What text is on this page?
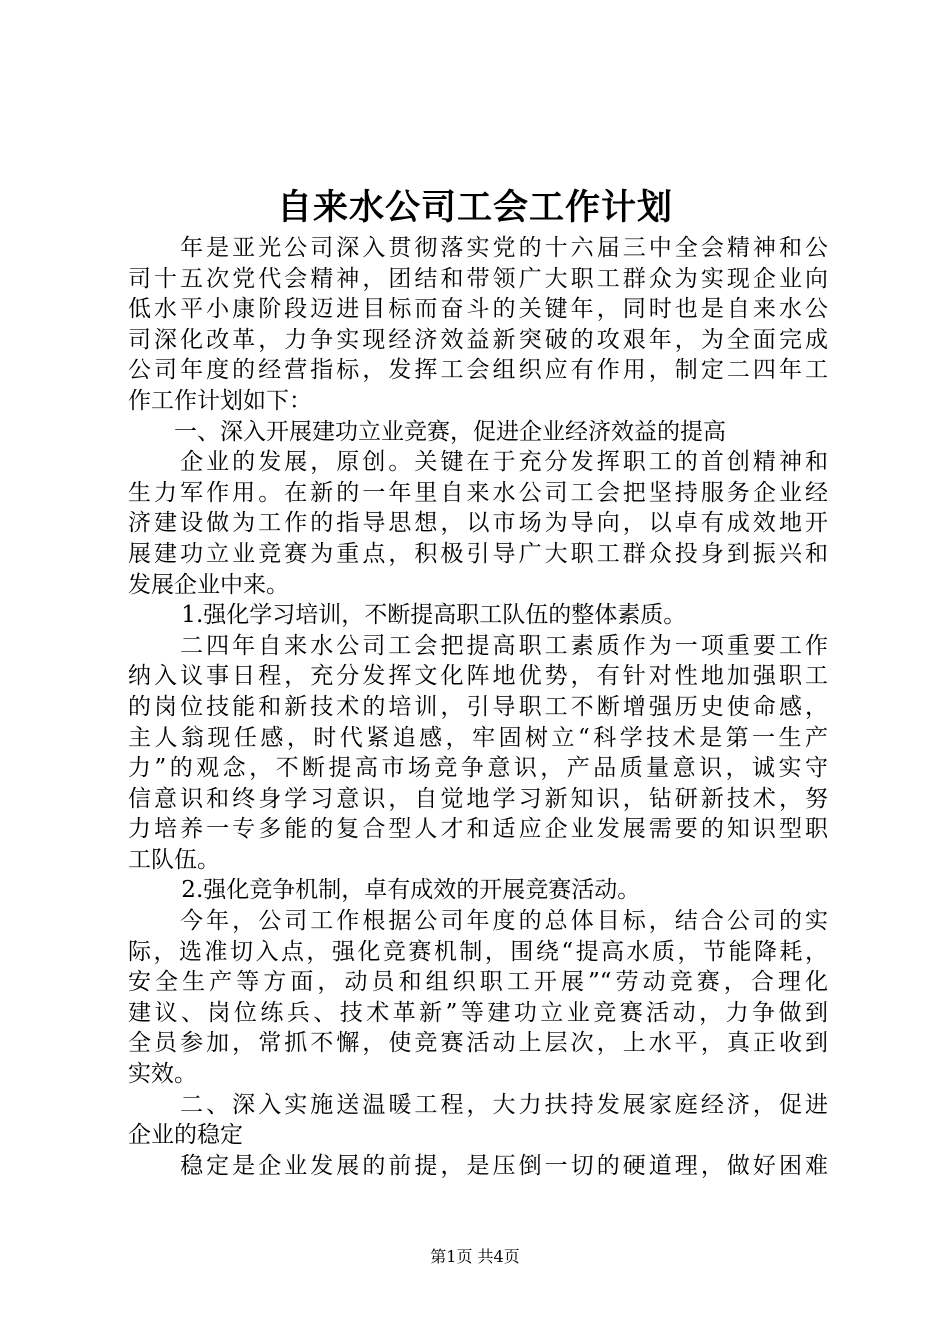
自来水公司工会工作计划
　　年是亚光公司深入贯彻落实党的十六届三中全会精神和公
司十五次党代会精神，团结和带领广大职工群众为实现企业向
低水平小康阶段迈进目标而奋斗的关键年，同时也是自来水公
司深化改革，力争实现经济效益新突破的攻艰年，为全面完成
公司年度的经营指标，发挥工会组织应有作用，制定二四年工
作工作计划如下：
　　一、深入开展建功立业竞赛，促进企业经济效益的提高
　　企业的发展，原创。关键在于充分发挥职工的首创精神和
生力军作用。在新的一年里自来水公司工会把坚持服务企业经
济建设做为工作的指导思想，以市场为导向，以卓有成效地开
展建功立业竞赛为重点，积极引导广大职工群众投身到振兴和
发展企业中来。
　　 1.强化学习培训，不断提高职工队伍的整体素质。
　　二四年自来水公司工会把提高职工素质作为一项重要工作
纳入议事日程，充分发挥文化阵地优势，有针对性地加强职工
的岗位技能和新技术的培训，引导职工不断增强历史使命感，
主人翁现任感，时代紧追感，牢固树立“科学技术是第一生产
力”的观念，不断提高市场竞争意识，产品质量意识，诚实守
信意识和终身学习意识，自觉地学习新知识，钻研新技术，努
力培养一专多能的复合型人才和适应企业发展需要的知识型职
工队伍。
　　 2.强化竞争机制，卓有成效的开展竞赛活动。
　　今年，公司工作根据公司年度的总体目标，结合公司的实
际，选准切入点，强化竞赛机制，围绕“提高水质，节能降耗，
安全生产等方面，动员和组织职工开展”“劳动竞赛，合理化
建议、岗位练兵、技术革新”等建功立业竞赛活动，力争做到
全员参加，常抓不懈，使竞赛活动上层次，上水平，真正收到
实效。
　　二、深入实施送温暖工程，大力扶持发展家庭经济，促进
企业的稳定
　　稳定是企业发展的前提，是压倒一切的硬道理，做好困难
第1页 共4页
